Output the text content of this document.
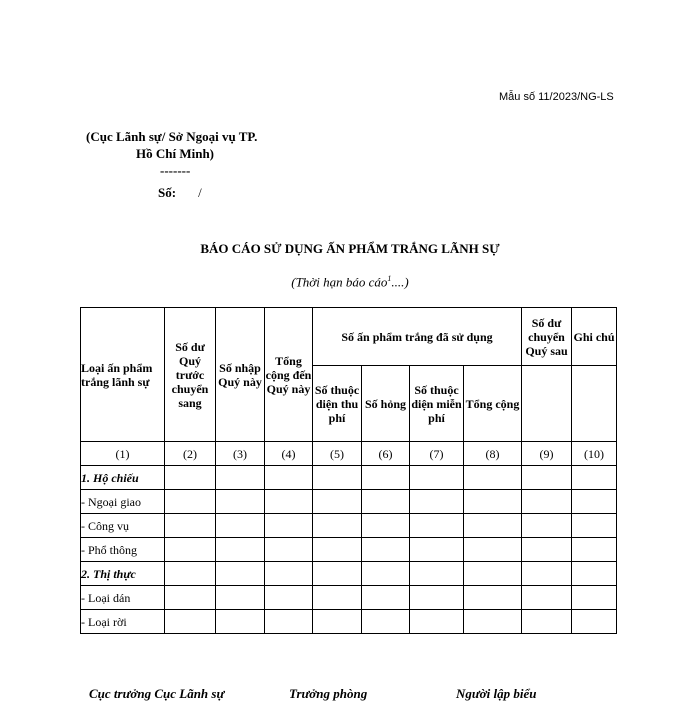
Mẫu số 11/2023/NG-LS
(Cục Lãnh sự/ Sở Ngoại vụ TP.
Hồ Chí Minh)
-------
Số: /
BÁO CÁO SỬ DỤNG ẤN PHẨM TRẮNG LÃNH SỰ
(Thời hạn báo cáo$^1$....)
Loại ấn phẩm trắng lãnh sự	Số dư Quý trước chuyển sang	Số nhập Quý này	Tổng cộng đến Quý này	Số ấn phẩm trắng đã sử dụng				Số dư chuyển Quý sau	Ghi chú
				Số thuộc diện thu phí	Số hỏng	Số thuộc diện miễn phí	Tổng cộng		
(1)	(2)	(3)	(4)	(5)	(6)	(7)	(8)	(9)	(10)
1. Hộ chiếu									
- Ngoại giao									
- Công vụ									
- Phổ thông									
2. Thị thực									
- Loại dán									
- Loại rời									
Cục trưởng Cục Lãnh sự	Trưởng phòng	Người lập biểu
